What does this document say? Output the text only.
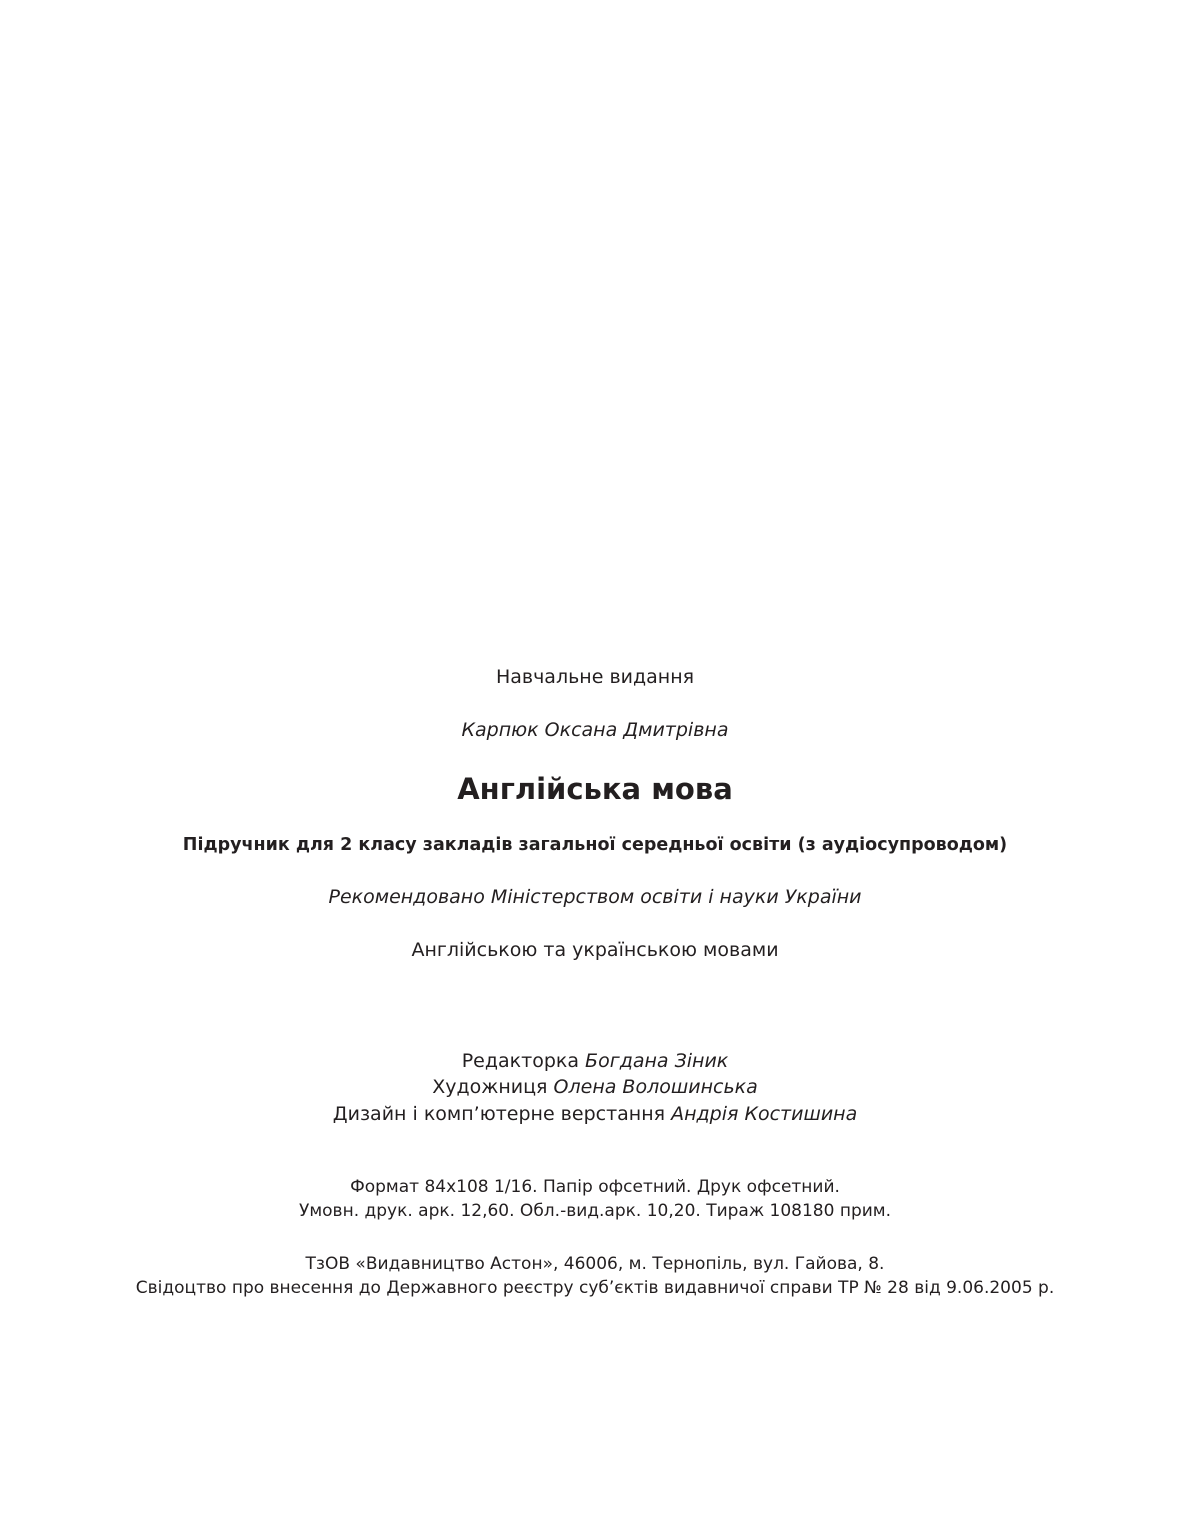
Навчальне видання
Карпюк Оксана Дмитрівна
Англійська мова
Підручник для 2 класу закладів загальної середньої освіти (з аудіосупроводом)
Рекомендовано Міністерством освіти і науки України
Англійською та українською мовами
Редакторка Богдана Зіник
Художниця Олена Волошинська
Дизайн і комп’ютерне верстання Андрія Костишина
Формат 84x108 1/16. Папір офсетний. Друк офсетний.
Умовн. друк. арк. 12,60. Обл.-вид.арк. 10,20. Тираж 108180 прим.
ТзОВ «Видавництво Астон», 46006, м. Тернопіль, вул. Гайова, 8.
Свідоцтво про внесення до Державного реєстру суб’єктів видавничої справи ТР № 28 від 9.06.2005 р.
